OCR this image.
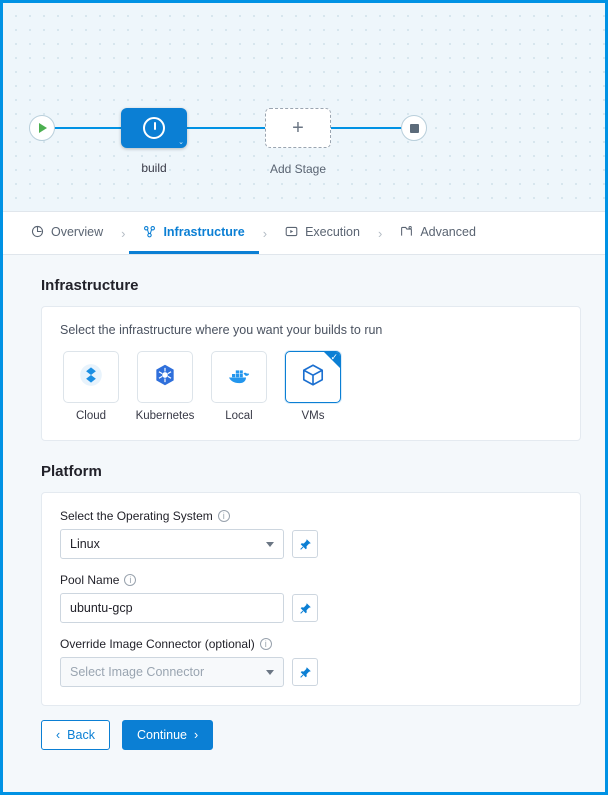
⌄
build
+
Add Stage
Overview	›	Infrastructure	›	Execution	›	Advanced
Infrastructure
Select the infrastructure where you want your builds to run
Cloud	Kubernetes	Local
✓	VMs
Platform
Select the Operating System	i
Linux
Pool Name	i
ubuntu-gcp
Override Image Connector (optional)	i
Select Image Connector
‹ Back	Continue ›
